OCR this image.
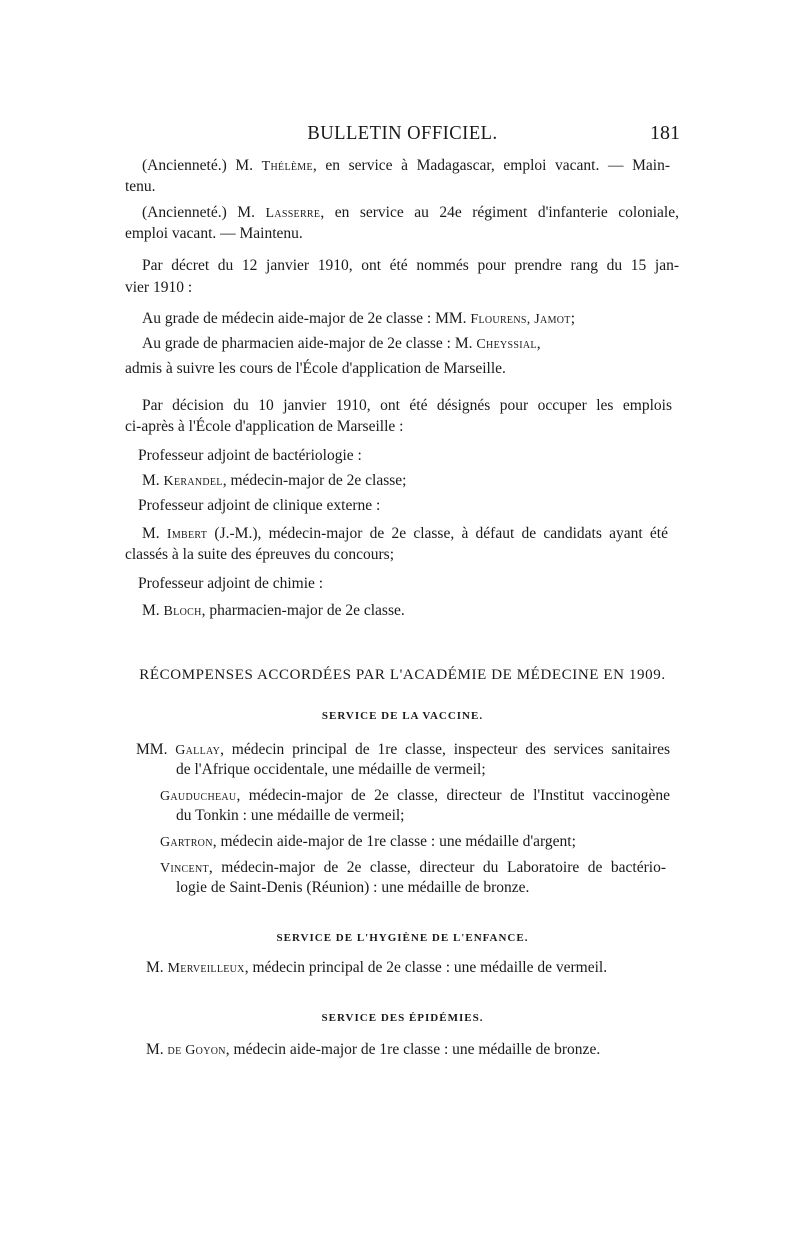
BULLETIN OFFICIEL.	181
(Ancienneté.) M. Thélème, en service à Madagascar, emploi vacant. — Main-
tenu.
(Ancienneté.) M. Lasserre, en service au 24e régiment d'infanterie coloniale,
emploi vacant. — Maintenu.
Par décret du 12 janvier 1910, ont été nommés pour prendre rang du 15 jan-
vier 1910 :
Au grade de médecin aide-major de 2e classe : MM. Flourens, Jamot;
Au grade de pharmacien aide-major de 2e classe : M. Cheyssial,
admis à suivre les cours de l'École d'application de Marseille.
Par décision du 10 janvier 1910, ont été désignés pour occuper les emplois
ci-après à l'École d'application de Marseille :
Professeur adjoint de bactériologie :
M. Kerandel, médecin-major de 2e classe;
Professeur adjoint de clinique externe :
M. Imbert (J.-M.), médecin-major de 2e classe, à défaut de candidats ayant été
classés à la suite des épreuves du concours;
Professeur adjoint de chimie :
M. Bloch, pharmacien-major de 2e classe.
RÉCOMPENSES ACCORDÉES PAR L'ACADÉMIE DE MÉDECINE EN 1909.
SERVICE DE LA VACCINE.
MM. Gallay, médecin principal de 1re classe, inspecteur des services sanitaires
de l'Afrique occidentale, une médaille de vermeil;
Gauducheau, médecin-major de 2e classe, directeur de l'Institut vaccinogène
du Tonkin : une médaille de vermeil;
Gartron, médecin aide-major de 1re classe : une médaille d'argent;
Vincent, médecin-major de 2e classe, directeur du Laboratoire de bactério-
logie de Saint-Denis (Réunion) : une médaille de bronze.
SERVICE DE L'HYGIÈNE DE L'ENFANCE.
M. Merveilleux, médecin principal de 2e classe : une médaille de vermeil.
SERVICE DES ÉPIDÉMIES.
M. de Goyon, médecin aide-major de 1re classe : une médaille de bronze.
